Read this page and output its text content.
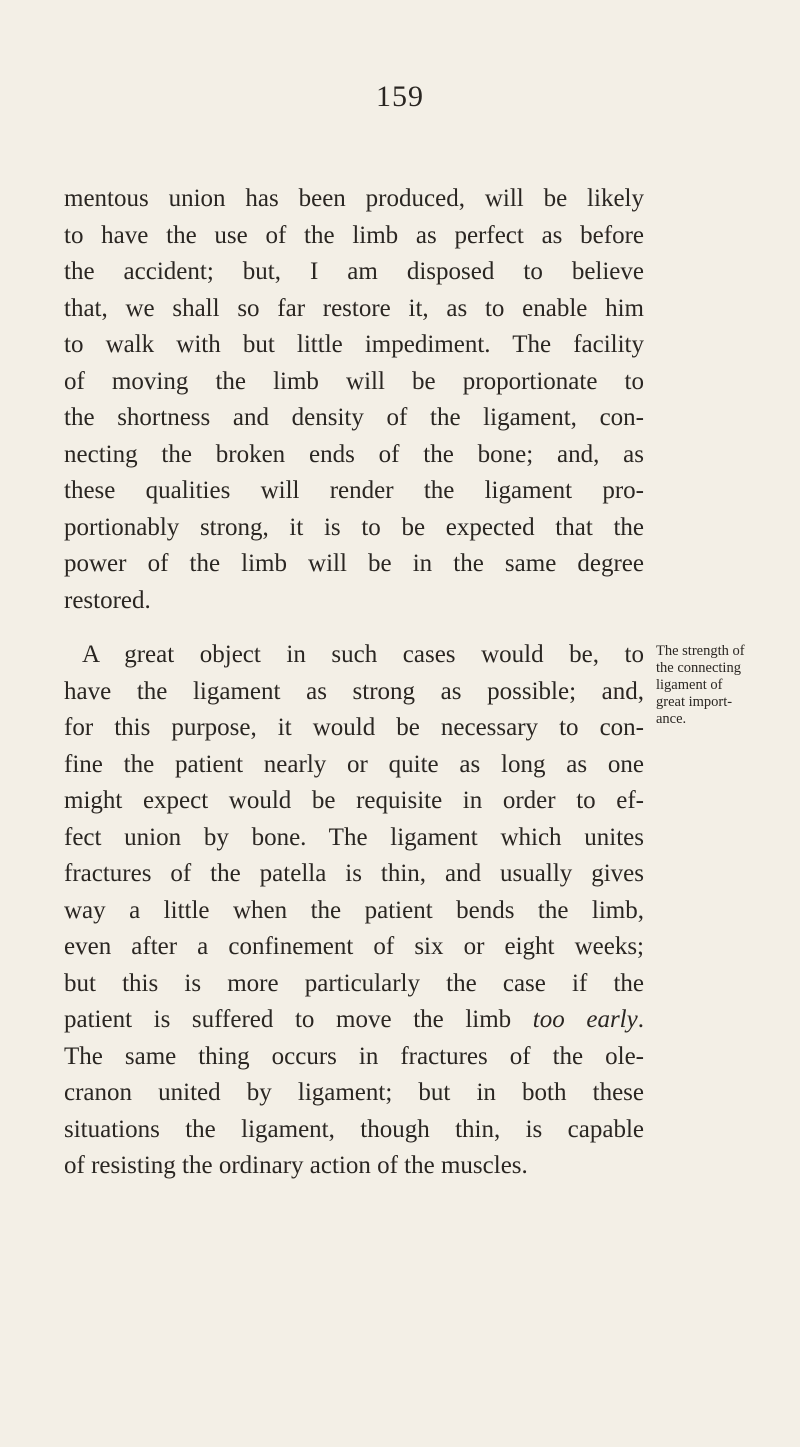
159
mentous union has been produced, will be likely
to have the use of the limb as perfect as before
the accident; but, I am disposed to believe
that, we shall so far restore it, as to enable him
to walk with but little impediment. The facility
of moving the limb will be proportionate to
the shortness and density of the ligament, con-
necting the broken ends of the bone; and, as
these qualities will render the ligament pro-
portionably strong, it is to be expected that the
power of the limb will be in the same degree
restored.
A great object in such cases would be, to
have the ligament as strong as possible; and,
for this purpose, it would be necessary to con-
fine the patient nearly or quite as long as one
might expect would be requisite in order to ef-
fect union by bone. The ligament which unites
fractures of the patella is thin, and usually gives
way a little when the patient bends the limb,
even after a confinement of six or eight weeks;
but this is more particularly the case if the
patient is suffered to move the limb too early.
The same thing occurs in fractures of the ole-
cranon united by ligament; but in both these
situations the ligament, though thin, is capable
of resisting the ordinary action of the muscles.
The strength of
the connecting
ligament of
great import-
ance.
